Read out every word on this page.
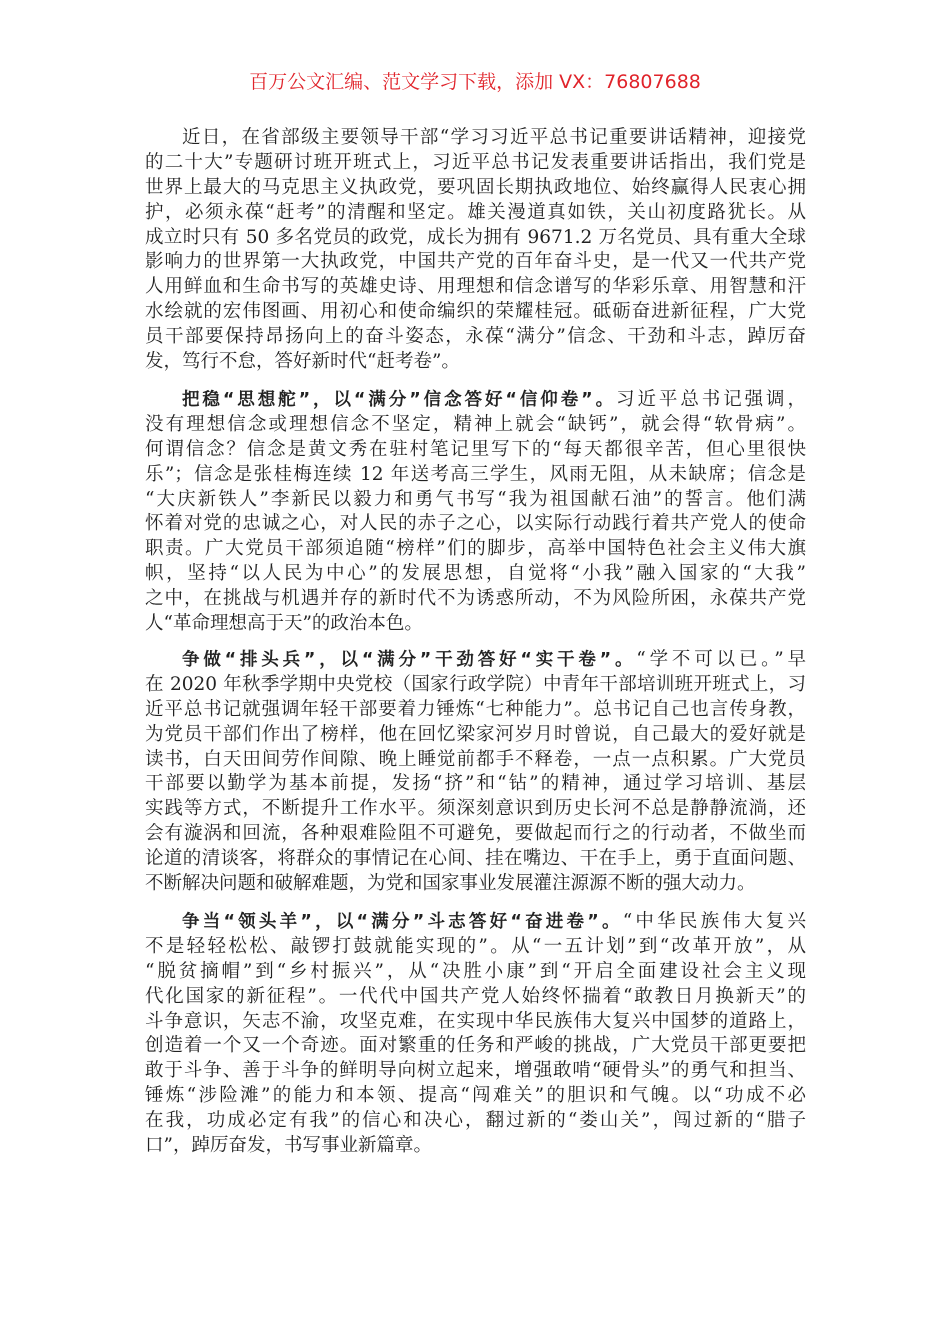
百万公文汇编、范文学习下载，添加 VX：76807688
近日，在省部级主要领导干部“学习习近平总书记重要讲话精神，迎接党
的二十大”专题研讨班开班式上，习近平总书记发表重要讲话指出，我们党是
世界上最大的马克思主义执政党，要巩固长期执政地位、始终赢得人民衷心拥
护，必须永葆“赶考”的清醒和坚定。雄关漫道真如铁，关山初度路犹长。从
成立时只有 50 多名党员的政党，成长为拥有 9671.2 万名党员、具有重大全球
影响力的世界第一大执政党，中国共产党的百年奋斗史，是一代又一代共产党
人用鲜血和生命书写的英雄史诗、用理想和信念谱写的华彩乐章、用智慧和汗
水绘就的宏伟图画、用初心和使命编织的荣耀桂冠。砥砺奋进新征程，广大党
员干部要保持昂扬向上的奋斗姿态，永葆“满分”信念、干劲和斗志，踔厉奋
发，笃行不怠，答好新时代“赶考卷”。
把稳“思想舵”，以“满分”信念答好“信仰卷”。习近平总书记强调，
没有理想信念或理想信念不坚定，精神上就会“缺钙”，就会得“软骨病”。
何谓信念？信念是黄文秀在驻村笔记里写下的“每天都很辛苦，但心里很快
乐”；信念是张桂梅连续 12 年送考高三学生，风雨无阻，从未缺席；信念是
“大庆新铁人”李新民以毅力和勇气书写“我为祖国献石油”的誓言。他们满
怀着对党的忠诚之心，对人民的赤子之心，以实际行动践行着共产党人的使命
职责。广大党员干部须追随“榜样”们的脚步，高举中国特色社会主义伟大旗
帜，坚持“以人民为中心”的发展思想，自觉将“小我”融入国家的“大我”
之中，在挑战与机遇并存的新时代不为诱惑所动，不为风险所困，永葆共产党
人“革命理想高于天”的政治本色。
争做“排头兵”，以“满分”干劲答好“实干卷”。“学不可以已。”早
在 2020 年秋季学期中央党校（国家行政学院）中青年干部培训班开班式上，习
近平总书记就强调年轻干部要着力锤炼“七种能力”。总书记自己也言传身教，
为党员干部们作出了榜样，他在回忆梁家河岁月时曾说，自己最大的爱好就是
读书，白天田间劳作间隙、晚上睡觉前都手不释卷，一点一点积累。广大党员
干部要以勤学为基本前提，发扬“挤”和“钻”的精神，通过学习培训、基层
实践等方式，不断提升工作水平。须深刻意识到历史长河不总是静静流淌，还
会有漩涡和回流，各种艰难险阻不可避免，要做起而行之的行动者，不做坐而
论道的清谈客，将群众的事情记在心间、挂在嘴边、干在手上，勇于直面问题、
不断解决问题和破解难题，为党和国家事业发展灌注源源不断的强大动力。
争当“领头羊”，以“满分”斗志答好“奋进卷”。“中华民族伟大复兴
不是轻轻松松、敲锣打鼓就能实现的”。从“一五计划”到“改革开放”，从
“脱贫摘帽”到“乡村振兴”，从“决胜小康”到“开启全面建设社会主义现
代化国家的新征程”。一代代中国共产党人始终怀揣着“敢教日月换新天”的
斗争意识，矢志不渝，攻坚克难，在实现中华民族伟大复兴中国梦的道路上，
创造着一个又一个奇迹。面对繁重的任务和严峻的挑战，广大党员干部更要把
敢于斗争、善于斗争的鲜明导向树立起来，增强敢啃“硬骨头”的勇气和担当、
锤炼“涉险滩”的能力和本领、提高“闯难关”的胆识和气魄。以“功成不必
在我，功成必定有我”的信心和决心，翻过新的“娄山关”，闯过新的“腊子
口”，踔厉奋发，书写事业新篇章。
